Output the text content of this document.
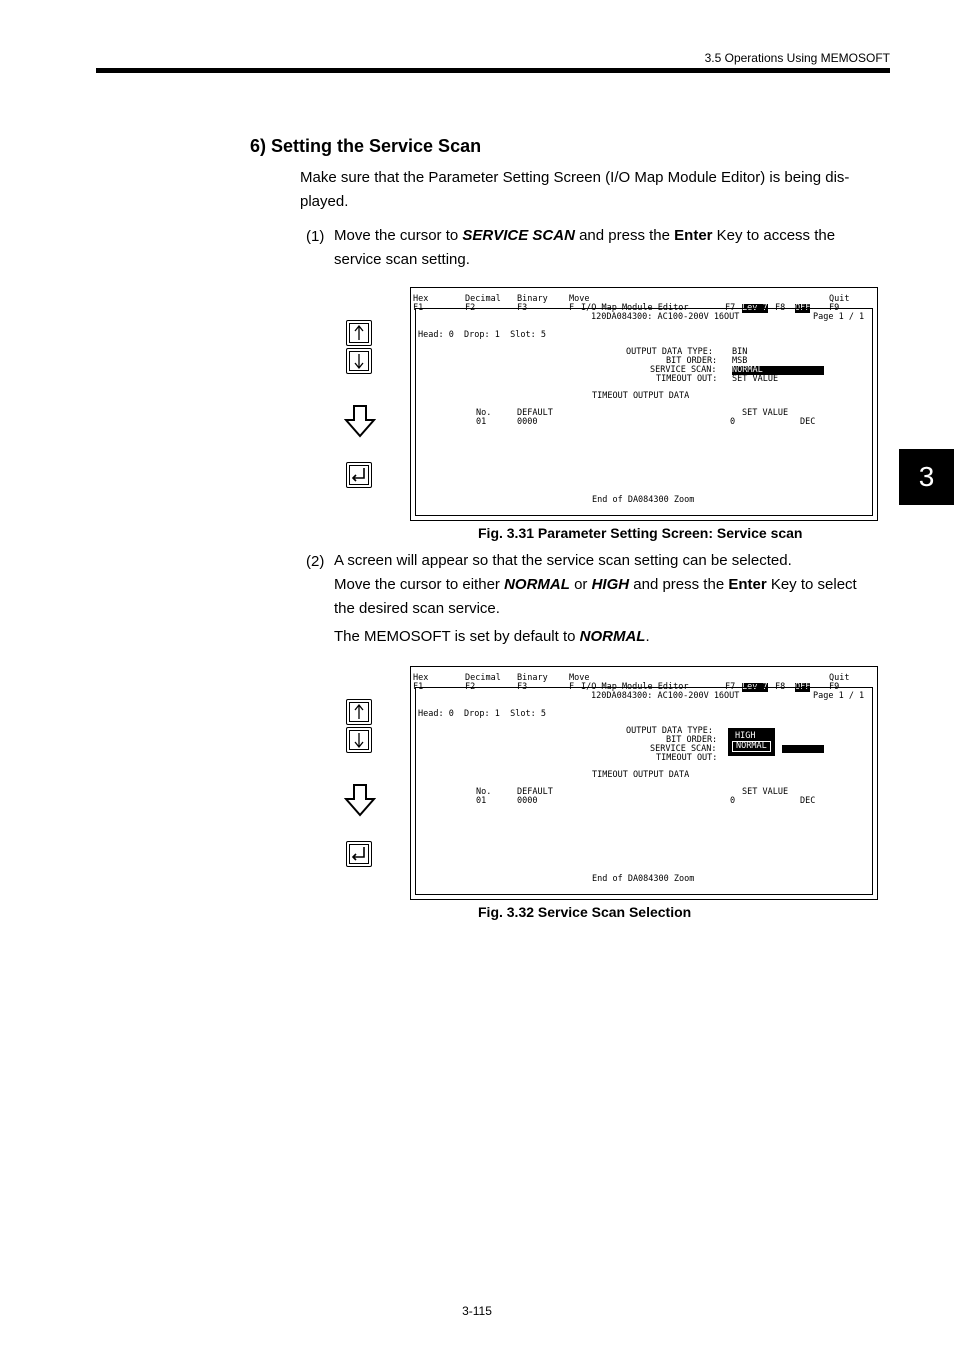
3.5 Operations Using MEMOSOFT
3
6) Setting the Service Scan
Make sure that the Parameter Setting Screen (I/O Map Module Editor) is being dis-
played.
(1) Move the cursor to SERVICE SCAN and press the Enter Key to access the
service scan setting.
Hex	Decimal Binary	Move	Quit
F1	F2	F3	F I/O Map Module Editor	F7 Lev 7 F8 OFF F9
120DA084300: AC100-200V 16OUT	Page 1 / 1
Head: 0  Drop: 1  Slot: 5
OUTPUT DATA TYPE: BIN
BIT ORDER: MSB
SERVICE SCAN: NORMAL
TIMEOUT OUT: SET VALUE
TIMEOUT OUTPUT DATA
No.	DEFAULT	SET VALUE
01	0000	0	DEC
End of DA084300 Zoom
Fig. 3.31 Parameter Setting Screen: Service scan
(2) A screen will appear so that the service scan setting can be selected.
Move the cursor to either NORMAL or HIGH and press the Enter Key to select
the desired scan service.
The MEMOSOFT is set by default to NORMAL.
Hex	Decimal Binary	Move	Quit
F1	F2	F3	F I/O Map Module Editor	F7 Lev 7 F8 OFF F9
120DA084300: AC100-200V 16OUT	Page 1 / 1
Head: 0  Drop: 1  Slot: 5
OUTPUT DATA TYPE:
BIT ORDER:
SERVICE SCAN:
TIMEOUT OUT:
HIGH
NORMAL
TIMEOUT OUTPUT DATA
No.	DEFAULT	SET VALUE
01	0000	0	DEC
End of DA084300 Zoom
Fig. 3.32 Service Scan Selection
3-115
